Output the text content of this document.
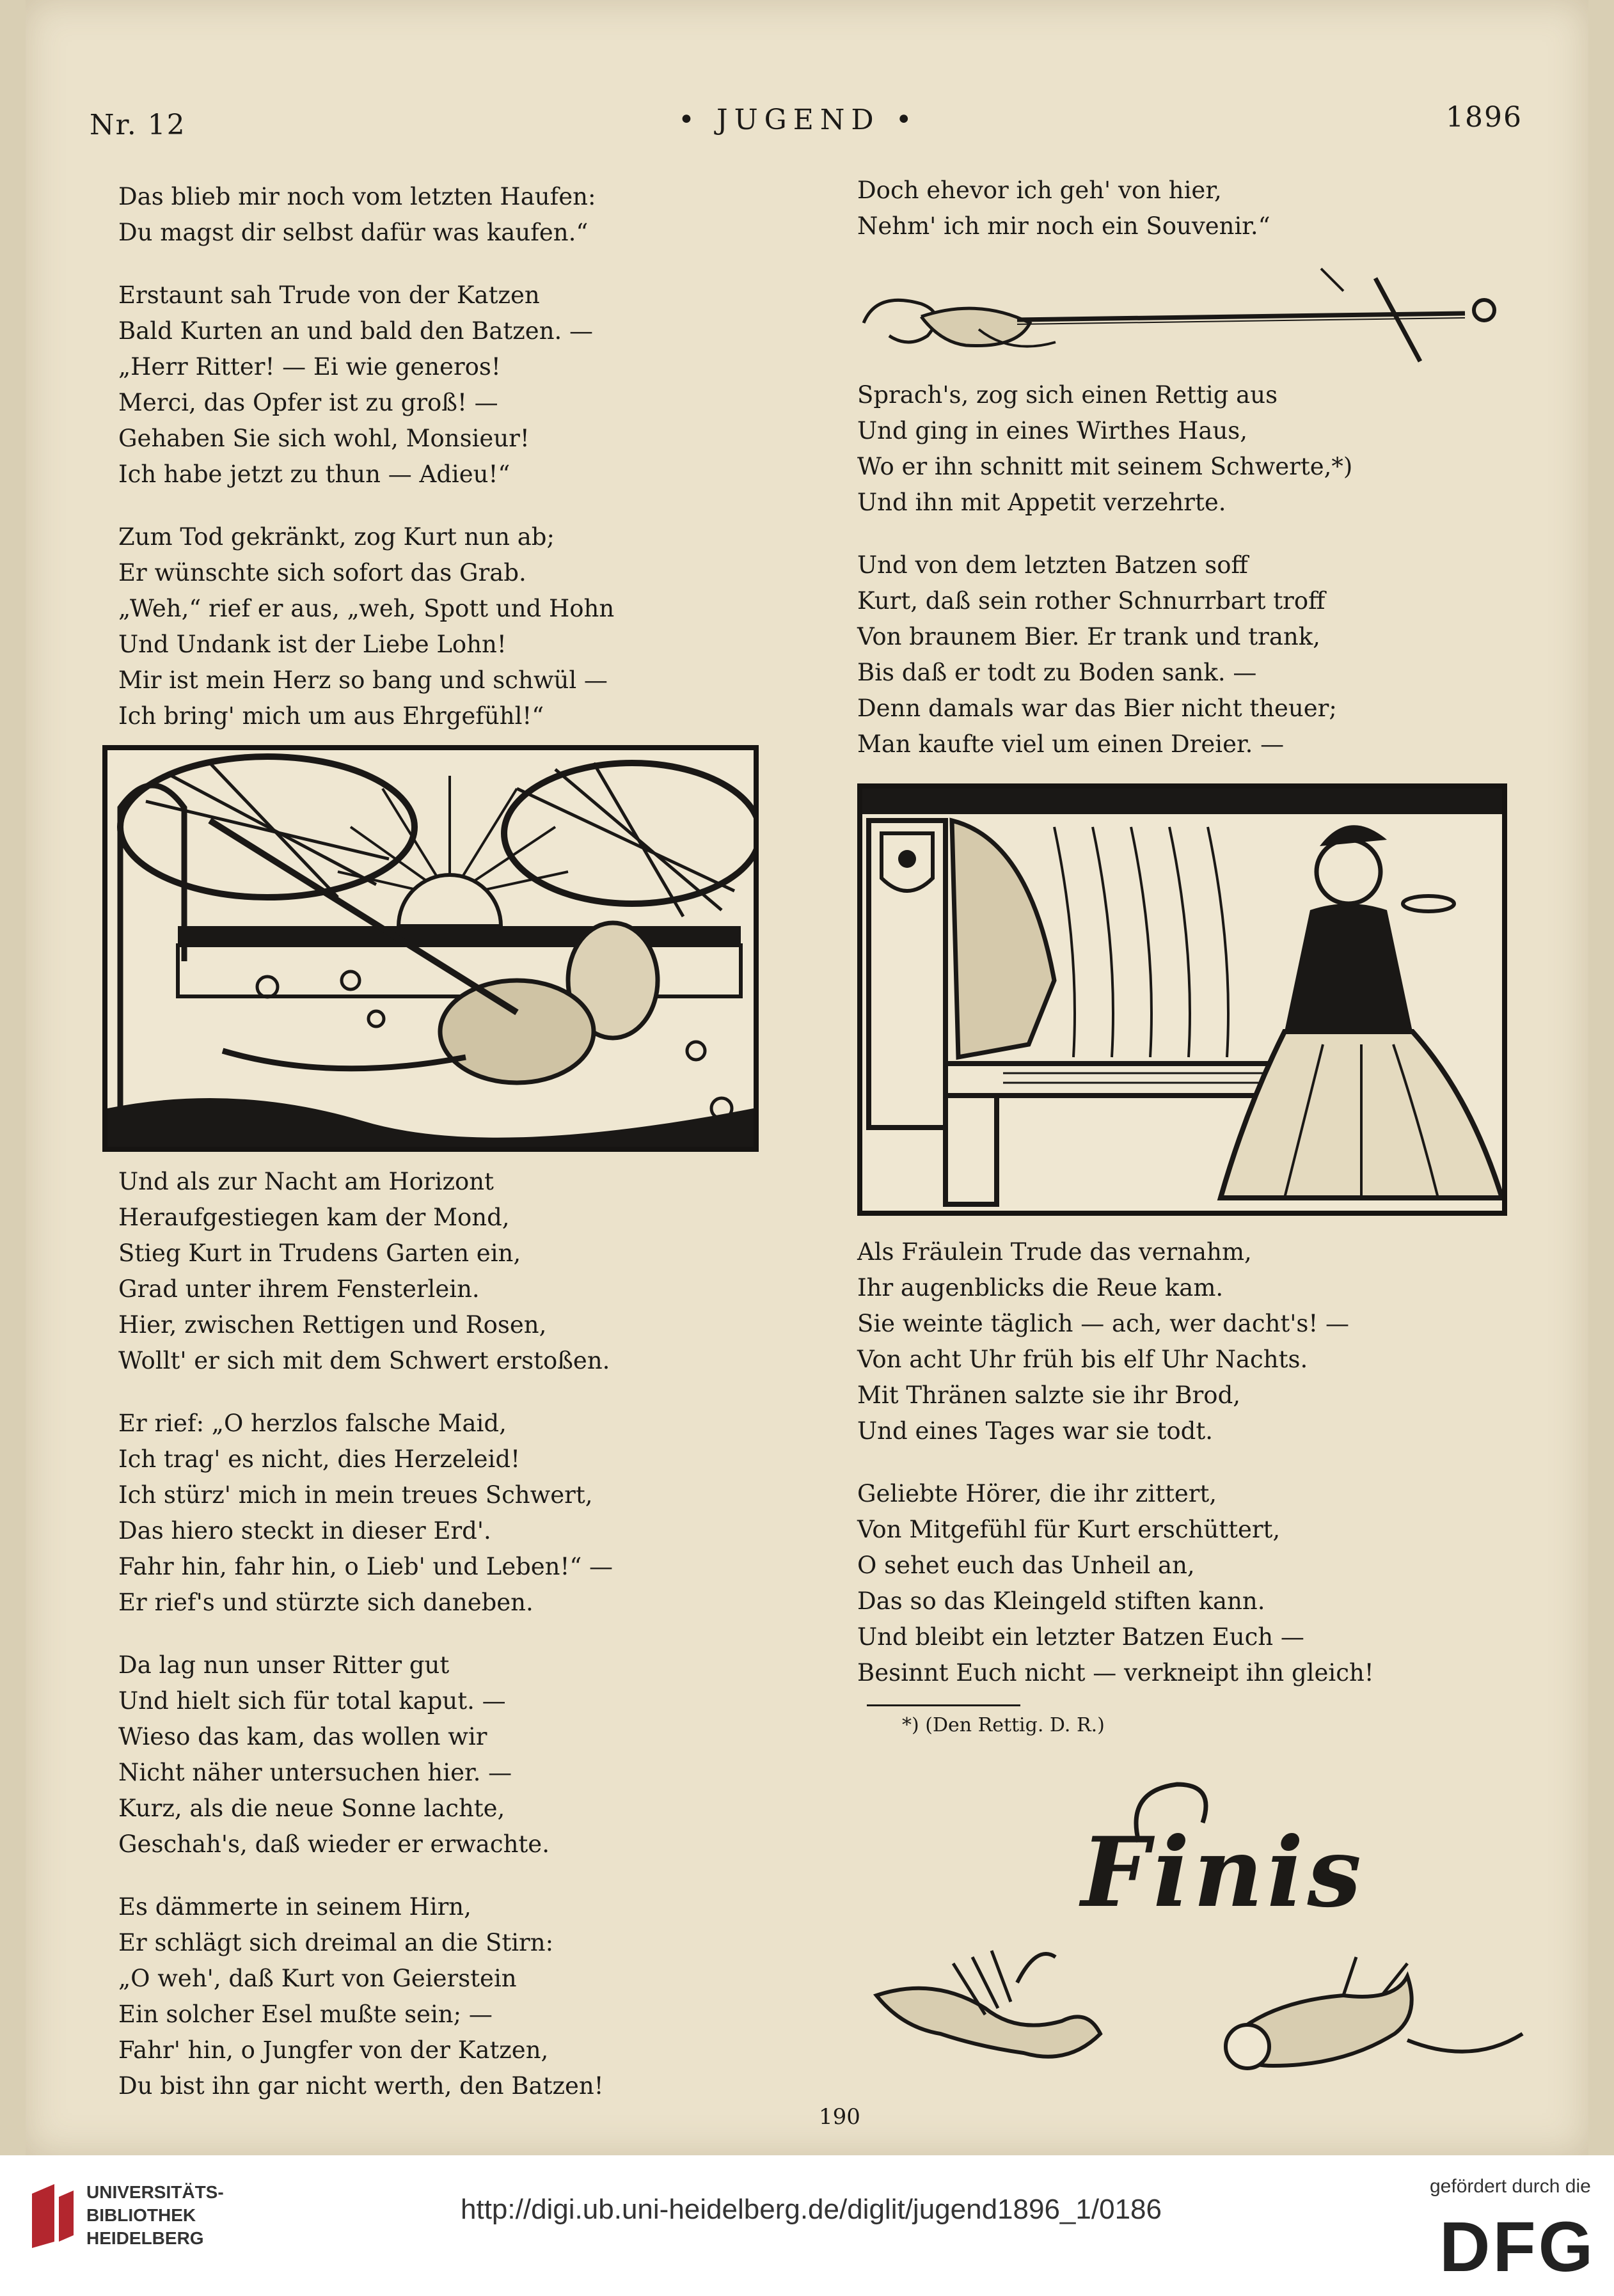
Nr. 12	• JUGEND •	1896

Das blieb mir noch vom letzten Haufen:
Du magst dir selbst dafür was kaufen.“

Erstaunt sah Trude von der Katzen
Bald Kurten an und bald den Batzen. —
„Herr Ritter! — Ei wie generos!
Merci, das Opfer ist zu groß! —
Gehaben Sie sich wohl, Monsieur!
Ich habe jetzt zu thun — Adieu!“

Zum Tod gekränkt, zog Kurt nun ab;
Er wünschte sich sofort das Grab.
„Weh,“ rief er aus, „weh, Spott und Hohn
Und Undank ist der Liebe Lohn!
Mir ist mein Herz so bang und schwül —
Ich bring' mich um aus Ehrgefühl!“

Und als zur Nacht am Horizont
Heraufgestiegen kam der Mond,
Stieg Kurt in Trudens Garten ein,
Grad unter ihrem Fensterlein.
Hier, zwischen Rettigen und Rosen,
Wollt' er sich mit dem Schwert erstoßen.

Er rief: „O herzlos falsche Maid,
Ich trag' es nicht, dies Herzeleid!
Ich stürz' mich in mein treues Schwert,
Das hiero steckt in dieser Erd'.
Fahr hin, fahr hin, o Lieb' und Leben!“ —
Er rief's und stürzte sich daneben.

Da lag nun unser Ritter gut
Und hielt sich für total kaput. —
Wieso das kam, das wollen wir
Nicht näher untersuchen hier. —
Kurz, als die neue Sonne lachte,
Geschah's, daß wieder er erwachte.

Es dämmerte in seinem Hirn,
Er schlägt sich dreimal an die Stirn:
„O weh', daß Kurt von Geierstein
Ein solcher Esel mußte sein; —
Fahr' hin, o Jungfer von der Katzen,
Du bist ihn gar nicht werth, den Batzen!

Doch ehevor ich geh' von hier,
Nehm' ich mir noch ein Souvenir.“

Sprach's, zog sich einen Rettig aus
Und ging in eines Wirthes Haus,
Wo er ihn schnitt mit seinem Schwerte,*)
Und ihn mit Appetit verzehrte.

Und von dem letzten Batzen soff
Kurt, daß sein rother Schnurrbart troff
Von braunem Bier. Er trank und trank,
Bis daß er todt zu Boden sank. —
Denn damals war das Bier nicht theuer;
Man kaufte viel um einen Dreier. —

Als Fräulein Trude das vernahm,
Ihr augenblicks die Reue kam.
Sie weinte täglich — ach, wer dacht's! —
Von acht Uhr früh bis elf Uhr Nachts.
Mit Thränen salzte sie ihr Brod,
Und eines Tages war sie todt.

Geliebte Hörer, die ihr zittert,
Von Mitgefühl für Kurt erschüttert,
O sehet euch das Unheil an,
Das so das Kleingeld stiften kann.
Und bleibt ein letzter Batzen Euch —
Besinnt Euch nicht — verkneipt ihn gleich!

*) (Den Rettig. D. R.)
Finis
190
UNIVERSITÄTS-
BIBLIOTHEK
HEIDELBERG
http://digi.ub.uni-heidelberg.de/diglit/jugend1896_1/0186
gefördert durch die
DFG
